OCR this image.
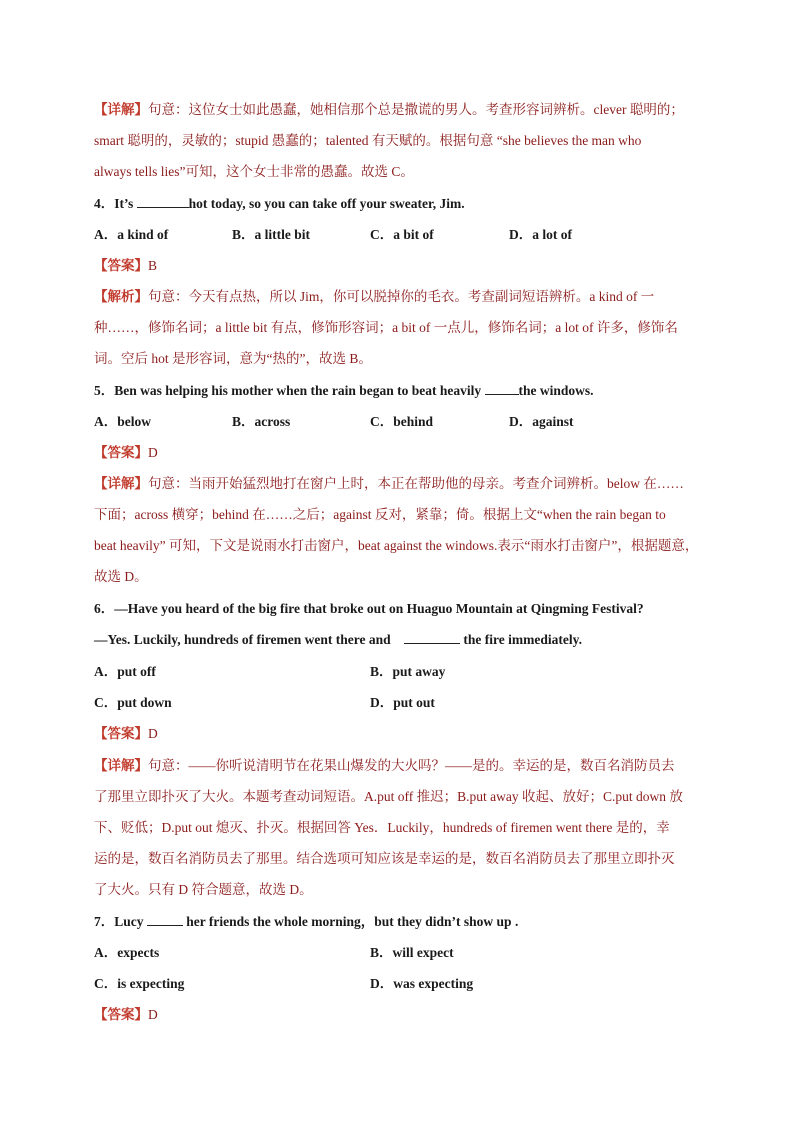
【详解】句意：这位女士如此愚蠢，她相信那个总是撒谎的男人。考查形容词辨析。clever 聪明的；
smart 聪明的，灵敏的；stupid 愚蠢的；talented 有天赋的。根据句意 “she believes the man who
always tells lies”可知，这个女士非常的愚蠢。故选 C。
4．It’s	hot today, so you can take off your sweater, Jim.
A．a kind of	B．a little bit	C．a bit of	D．a lot of
【答案】B
【解析】句意：今天有点热，所以 Jim，你可以脱掉你的毛衣。考查副词短语辨析。a kind of 一
种……，修饰名词；a little bit 有点，修饰形容词；a bit of 一点儿，修饰名词；a lot of 许多，修饰名
词。空后 hot 是形容词，意为“热的”，故选 B。
5．Ben was helping his mother when the rain began to beat heavily	the windows.
A．below	B．across	C．behind	D．against
【答案】D
【详解】句意：当雨开始猛烈地打在窗户上时，本正在帮助他的母亲。考查介词辨析。below 在……
下面；across 横穿；behind 在……之后；against 反对，紧靠；倚。根据上文“when the rain began to
beat heavily” 可知，下文是说雨水打击窗户，beat against the windows.表示“雨水打击窗户”，根据题意，
故选 D。
6．—Have you heard of the big fire that broke out on Huaguo Mountain at Qingming Festival?
—Yes. Luckily, hundreds of firemen went there and	the fire immediately.
A．put off	B．put away
C．put down	D．put out
【答案】D
【详解】句意：——你听说清明节在花果山爆发的大火吗？——是的。幸运的是，数百名消防员去
了那里立即扑灭了大火。本题考查动词短语。A.put off 推迟；B.put away 收起、放好；C.put down 放
下、贬低；D.put out 熄灭、扑灭。根据回答 Yes．Luckily，hundreds of firemen went there 是的，幸
运的是，数百名消防员去了那里。结合选项可知应该是幸运的是，数百名消防员去了那里立即扑灭
了大火。只有 D 符合题意，故选 D。
7．Lucy	her friends the whole morning，but they didn’t show up .
A．expects	B．will expect
C．is expecting	D．was expecting
【答案】D
